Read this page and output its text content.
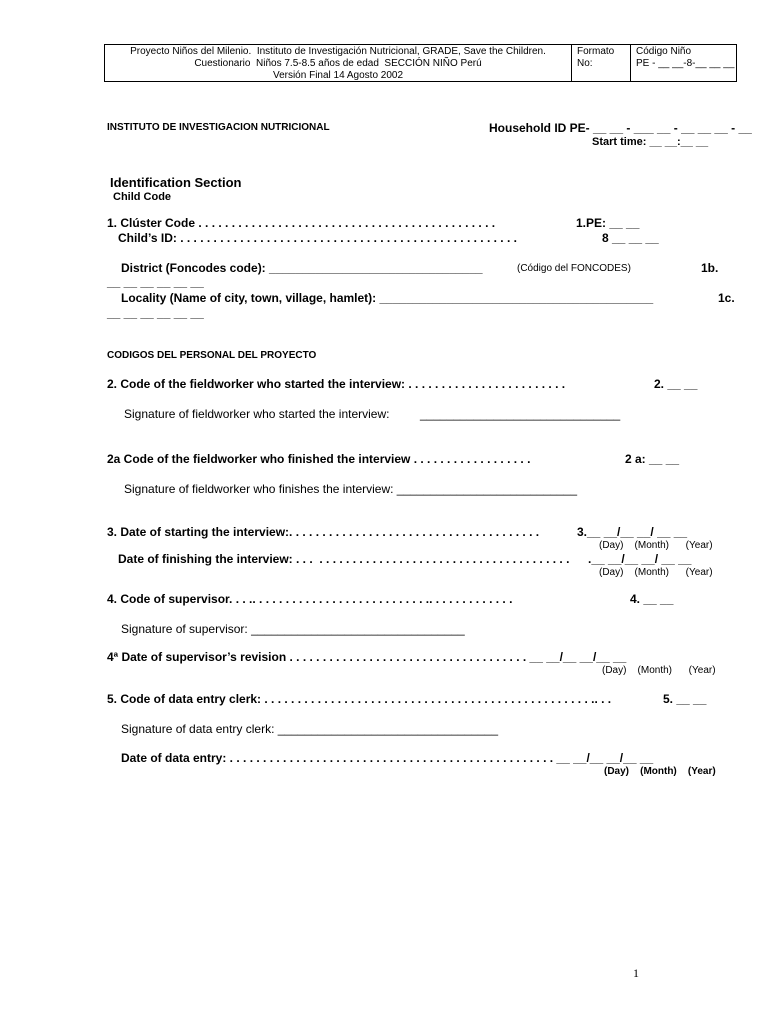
Proyecto Niños del Milenio.  Instituto de Investigación Nutricional, GRADE, Save the Children.
Cuestionario  Niños 7.5-8.5 años de edad  SECCIÓN NIÑO Perú
Versión Final 14 Agosto 2002
Formato
No:
Código Niño
PE - __ __-8-__ __ __
INSTITUTO DE INVESTIGACION NUTRICIONAL	Household ID PE- __ __ - ___ __ - __ __ __ - __
Start time: __ __:__ __
Identification Section
Child Code
1. Clúster Code . . . . . . . . . . . . . . . . . . . . . . . . . . . . . . . . . . . . . . . . . . . . .	1.PE: __ __
Child’s ID: . . . . . . . . . . . . . . . . . . . . . . . . . . . . . . . . . . . . . . . . . . . . . . . . . . .	8 __ __ __
District (Foncodes code): ________________________________	(Código del FONCODES)	1b.
__ __ __ __ __ __
Locality (Name of city, town, village, hamlet): _________________________________________	1c.
__ __ __ __ __ __
CODIGOS DEL PERSONAL DEL PROYECTO
2. Code of the fieldworker who started the interview: . . . . . . . . . . . . . . . . . . . . . . . .	2. __ __
Signature of fieldworker who started the interview:	______________________________
2a Code of the fieldworker who finished the interview . . . . . . . . . . . . . . . . . .	2 a: __ __
Signature of fieldworker who finishes the interview: ___________________________
3. Date of starting the interview:. . . . . . . . . . . . . . . . . . . . . . . . . . . . . . . . . . . . . .	3.__ __/__ __/ __ __
(Day)    (Month)      (Year)
Date of finishing the interview: . . .  . . . . . . . . . . . . . . . . . . . . . . . . . . . . . . . . . . . . . . .__ __/__ __/ __ __
(Day)    (Month)      (Year)
4. Code of supervisor. . . .. . . . . . . . . . . . . . . . . . . . . . . . . . .. . . . . . . . . . . . .	4. __ __
Signature of supervisor: ________________________________
4ª Date of supervisor’s revision . . . . . . . . . . . . . . . . . . . . . . . . . . . . . . . . . . . . __ __/__ __/__ __
(Day)    (Month)      (Year)
5. Code of data entry clerk: . . . . . . . . . . . . . . . . . . . . . . . . . . . . . . . . . . . . . . . . . . . . . . . . . .. . .	5. __ __
Signature of data entry clerk: _________________________________
Date of data entry: . . . . . . . . . . . . . . . . . . . . . . . . . . . . . . . . . . . . . . . . . . . . . . . . . __ __/__ __/__ __
(Day)    (Month)    (Year)
1
